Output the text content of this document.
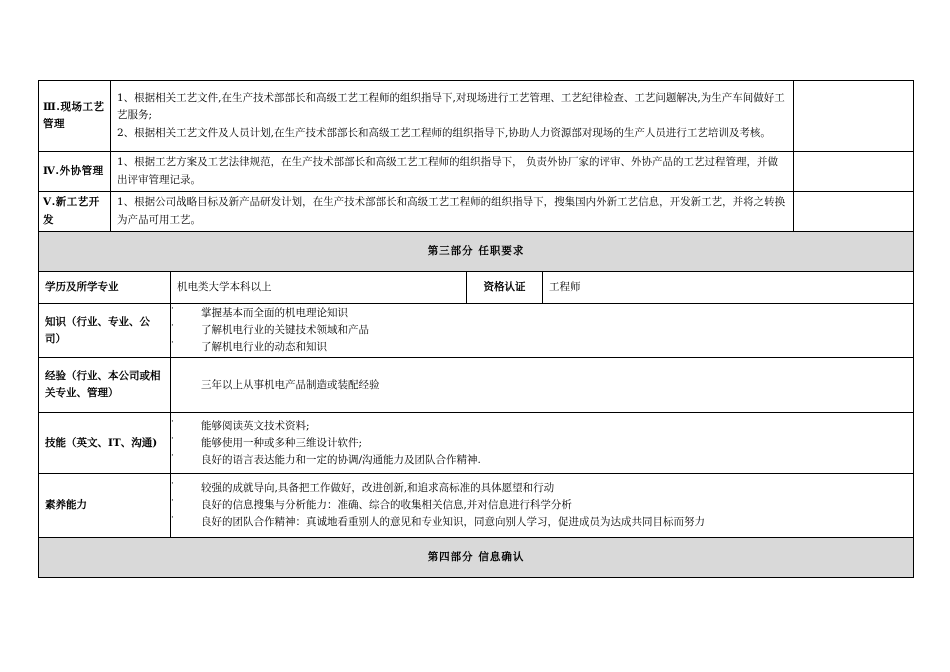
Ⅲ.现场工艺管理	1、根据相关工艺文件,在生产技术部部长和高级工艺工程师的组织指导下,对现场进行工艺管理、工艺纪律检查、工艺问题解决,为生产车间做好工艺服务;
2、根据相关工艺文件及人员计划,在生产技术部部长和高级工艺工程师的组织指导下,协助人力资源部对现场的生产人员进行工艺培训及考核。	

Ⅳ.外协管理	1、根据工艺方案及工艺法律规范，在生产技术部部长和高级工艺工程师的组织指导下， 负责外协厂家的评审、外协产品的工艺过程管理，并做出评审管理记录。	

Ⅴ.新工艺开发	1、根据公司战略目标及新产品研发计划，在生产技术部部长和高级工艺工程师的组织指导下，搜集国内外新工艺信息，开发新工艺，并将之转换为产品可用工艺。	

第三部分 任职要求			
学历及所学专业	机电类大学本科以上	资格认证	工程师
知识（行业、专业、公司）	· 掌握基本而全面的机电理论知识
· 了解机电行业的关键技术领域和产品
· 了解机电行业的动态和知识

经验（行业、本公司或相关专业、管理）	三年以上从事机电产品制造或装配经验		
技能（英文、IT、沟通)	· 能够阅读英文技术资料;
· 能够使用一种或多种三维设计软件;
· 良好的语言表达能力和一定的协调/沟通能力及团队合作精神.

素养能力	· 较强的成就导向,具备把工作做好，改进创新,和追求高标准的具体愿望和行动
· 良好的信息搜集与分析能力：准确、综合的收集相关信息,并对信息进行科学分析
· 良好的团队合作精神：真诚地看重别人的意见和专业知识，同意向别人学习，促进成员为达成共同目标而努力

第四部分 信息确认			
